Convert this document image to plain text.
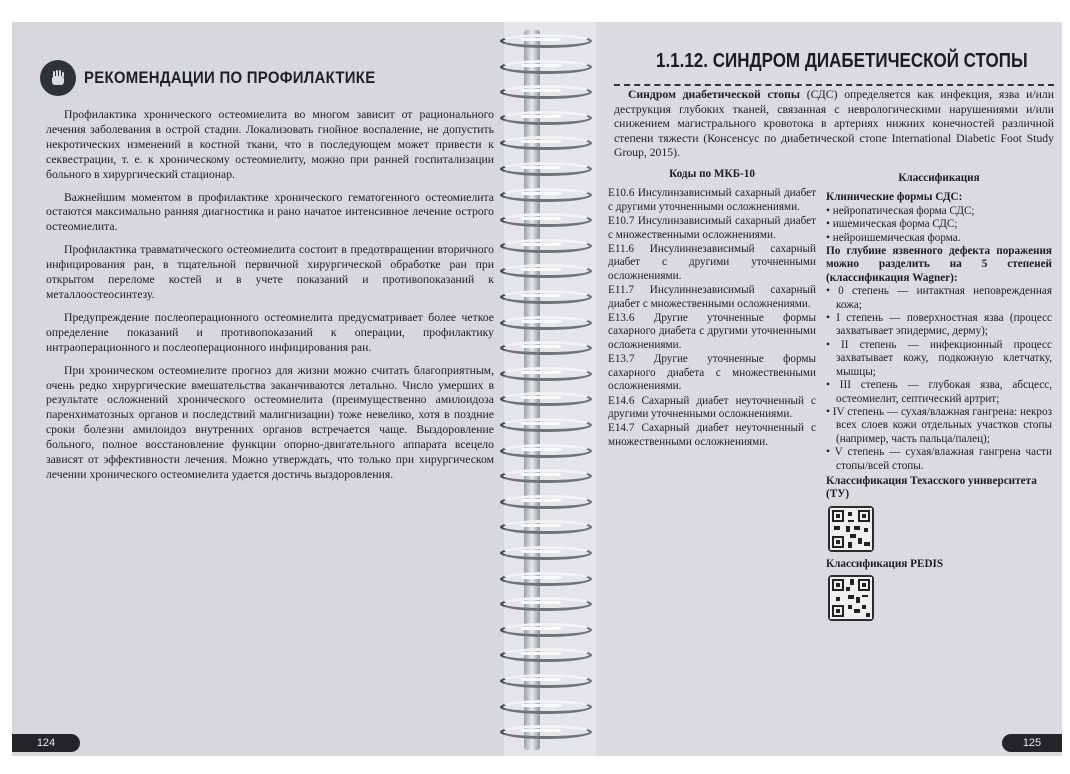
РЕКОМЕНДАЦИИ ПО ПРОФИЛАКТИКЕ

Профилактика хронического остеомиелита во многом зависит от рационального лечения заболевания в острой стадии. Локализовать гнойное воспаление, не допустить некротических изменений в костной ткани, что в последующем может привести к секвестрации, т. е. к хроническому остеомиелиту, можно при ранней госпитализации больного в хирургический стационар.

Важнейшим моментом в профилактике хронического гематогенного остеомиелита остаются максимально ранняя диагностика и рано начатое интенсивное лечение острого остеомиелита.

Профилактика травматического остеомиелита состоит в предотвращении вторичного инфицирования ран, в тщательной первичной хирургической обработке ран при открытом переломе костей и в учете показаний и противопоказаний к металлоостеосинтезу.

Предупреждение послеоперационного остеомиелита предусматривает более четкое определение показаний и противопоказаний к операции, профилактику интраоперационного и послеоперационного инфицирования ран.

При хроническом остеомиелите прогноз для жизни можно считать благоприятным, очень редко хирургические вмешательства заканчиваются летально. Число умерших в результате осложнений хронического остеомиелита (преимущественно амилоидоза паренхиматозных органов и последствий малигнизации) тоже невелико, хотя в поздние сроки болезни амилоидоз внутренних органов встречается чаще. Выздоровление больного, полное восстановление функции опорно-двигательного аппарата всецело зависят от эффективности лечения. Можно утверждать, что только при хирургическом лечении хронического остеомиелита удается достичь выздоровления.

124
1.1.12. СИНДРОМ ДИАБЕТИЧЕСКОЙ СТОПЫ
Синдром диабетической стопы (СДС) определяется как инфекция, язва и/или деструкция глубоких тканей, связанная с неврологическими нарушениями и/или снижением магистрального кровотока в артериях нижних конечностей различной степени тяжести (Консенсус по диабетической стопе International Diabetic Foot Study Group, 2015).
Коды по МКБ-10
E10.6 Инсулинзависимый сахарный диабет с другими уточненными осложнениями.
E10.7 Инсулинзависимый сахарный диабет с множественными осложнениями.
E11.6 Инсулиннезависимый сахарный диабет с другими уточненными осложнениями.
E11.7 Инсулиннезависимый сахарный диабет с множественными осложнениями.
E13.6 Другие уточненные формы сахарного диабета с другими уточненными осложнениями.
E13.7 Другие уточненные формы сахарного диабета с множественными осложнениями.
E14.6 Сахарный диабет неуточненный с другими уточненными осложнениями.
E14.7 Сахарный диабет неуточненный с множественными осложнениями.
Классификация
Клинические формы СДС:
• нейропатическая форма СДС;
• ишемическая форма СДС;
• нейроишемическая форма.
По глубине язвенного дефекта поражения можно разделить на 5 степеней (классификация Wagner):
• 0 степень — интактная неповрежденная кожа;
• I степень — поверхностная язва (процесс захватывает эпидермис, дерму);
• II степень — инфекционный процесс захватывает кожу, подкожную клетчатку, мышцы;
• III степень — глубокая язва, абсцесс, остеомиелит, септический артрит;
• IV степень — сухая/влажная гангрена: некроз всех слоев кожи отдельных участков стопы (например, часть пальца/палец);
• V степень — сухая/влажная гангрена части стопы/всей стопы.
Классификация Техасского университета (ТУ)
Классификация PEDIS
125
